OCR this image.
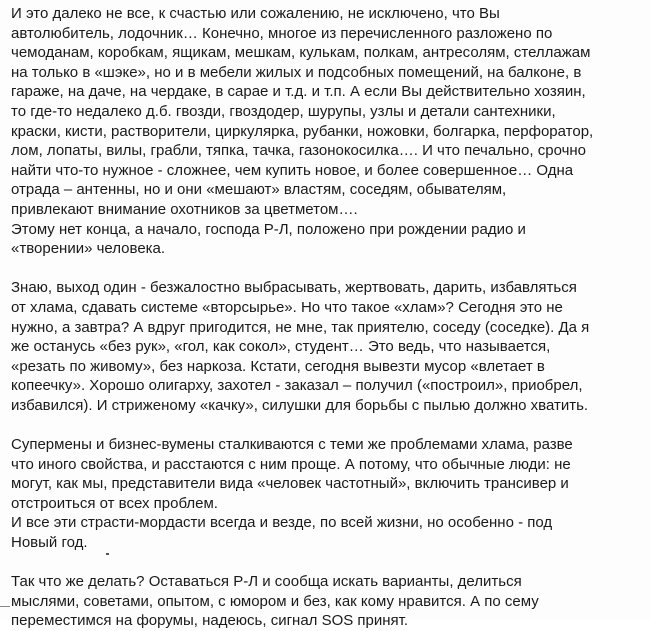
И это далеко не все, к счастью или сожалению, не исключено, что Вы
автолюбитель, лодочник… Конечно, многое из перечисленного разложено по
чемоданам, коробкам, ящикам, мешкам, кулькам, полкам, антресолям, стеллажам
на только в «шэке», но и в мебели жилых и подсобных помещений, на балконе, в
гараже, на даче, на чердаке, в сарае и т.д. и т.п. А если Вы действительно хозяин,
то где-то недалеко д.б. гвозди, гвоздодер, шурупы, узлы и детали сантехники,
краски, кисти, растворители, циркулярка, рубанки, ножовки, болгарка, перфоратор,
лом, лопаты, вилы, грабли, тяпка, тачка, газонокосилка…. И что печально, срочно
найти что-то нужное - сложнее, чем купить новое, и более совершенное… Одна
отрада – антенны, но и они «мешают» властям, соседям, обывателям,
привлекают внимание охотников за цветметом….
Этому нет конца, а начало, господа Р-Л, положено при рождении радио и
«творении» человека.
Знаю, выход один - безжалостно выбрасывать, жертвовать, дарить, избавляться
от хлама, сдавать системе «вторсырье». Но что такое «хлам»? Сегодня это не
нужно, а завтра? А вдруг пригодится, не мне, так приятелю, соседу (соседке). Да я
же останусь «без рук», «гол, как сокол», студент… Это ведь, что называется,
«резать по живому», без наркоза. Кстати, сегодня вывезти мусор «влетает в
копеечку». Хорошо олигарху, захотел - заказал – получил («построил», приобрел,
избавился). И стриженому «качку», силушки для борьбы с пылью должно хватить.
Супермены и бизнес-вумены сталкиваются с теми же проблемами хлама, разве
что иного свойства, и расстаются с ним проще. А потому, что обычные люди: не
могут, как мы, представители вида «человек частотный», включить трансивер и
отстроиться от всех проблем.
И все эти страсти-мордасти всегда и везде, по всей жизни, но особенно - под
Новый год.
Так что же делать? Оставаться Р-Л и сообща искать варианты, делиться
мыслями, советами, опытом, с юмором и без, как кому нравится. А по сему
переместимся на форумы, надеюсь, сигнал SOS принят.
